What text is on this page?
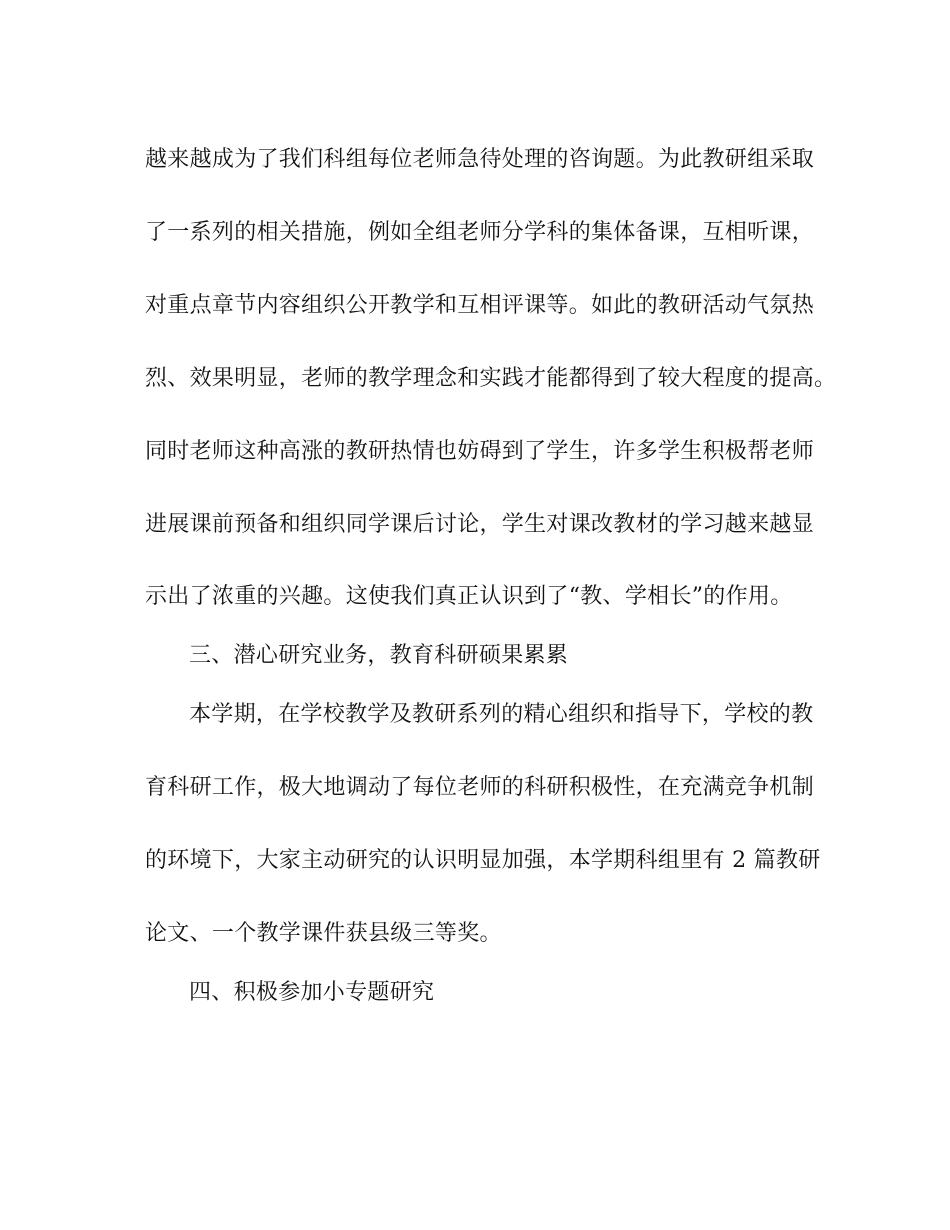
越来越成为了我们科组每位老师急待处理的咨询题。为此教研组采取
了一系列的相关措施，例如全组老师分学科的集体备课，互相听课，
对重点章节内容组织公开教学和互相评课等。如此的教研活动气氛热
烈、效果明显，老师的教学理念和实践才能都得到了较大程度的提高。
同时老师这种高涨的教研热情也妨碍到了学生，许多学生积极帮老师
进展课前预备和组织同学课后讨论，学生对课改教材的学习越来越显
示出了浓重的兴趣。这使我们真正认识到了“教、学相长”的作用。
三、潜心研究业务，教育科研硕果累累
本学期，在学校教学及教研系列的精心组织和指导下，学校的教
育科研工作，极大地调动了每位老师的科研积极性，在充满竞争机制
的环境下，大家主动研究的认识明显加强，本学期科组里有 2 篇教研
论文、一个教学课件获县级三等奖。
四、积极参加小专题研究
